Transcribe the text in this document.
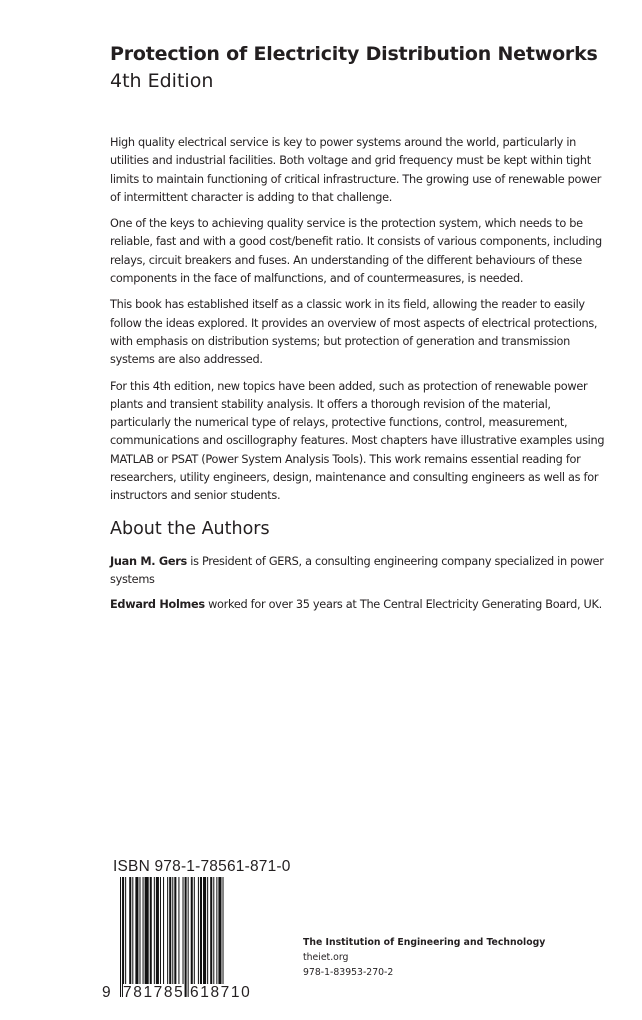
Protection of Electricity Distribution Networks
4th Edition

High quality electrical service is key to power systems around the world, particularly in utilities and industrial facilities. Both voltage and grid frequency must be kept within tight limits to maintain functioning of critical infrastructure. The growing use of renewable power of intermittent character is adding to that challenge.

One of the keys to achieving quality service is the protection system, which needs to be reliable, fast and with a good cost/benefit ratio. It consists of various components, including relays, circuit breakers and fuses. An understanding of the different behaviours of these components in the face of malfunctions, and of countermeasures, is needed.

This book has established itself as a classic work in its field, allowing the reader to easily follow the ideas explored. It provides an overview of most aspects of electrical protections, with emphasis on distribution systems; but protection of generation and transmission systems are also addressed.

For this 4th edition, new topics have been added, such as protection of renewable power plants and transient stability analysis. It offers a thorough revision of the material, particularly the numerical type of relays, protective functions, control, measurement, communications and oscillography features. Most chapters have illustrative examples using MATLAB or PSAT (Power System Analysis Tools). This work remains essential reading for researchers, utility engineers, design, maintenance and consulting engineers as well as for instructors and senior students.

About the Authors

Juan M. Gers is President of GERS, a consulting engineering company specialized in power systems

Edward Holmes worked for over 35 years at The Central Electricity Generating Board, UK.

ISBN 978-1-78561-871-0
9 781785 618710
The Institution of Engineering and Technology
theiet.org
978-1-83953-270-2
